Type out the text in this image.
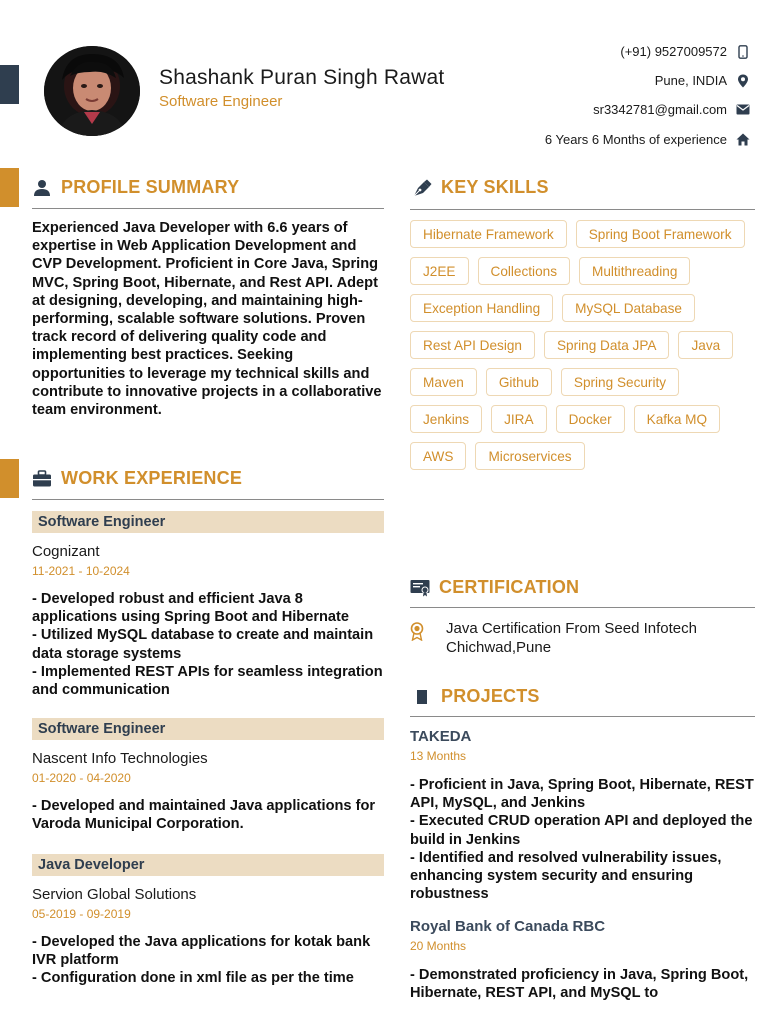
Shashank Puran Singh Rawat
Software Engineer
(+91) 9527009572
Pune, INDIA
sr3342781@gmail.com
6 Years 6 Months of experience
PROFILE SUMMARY
Experienced Java Developer with 6.6 years of expertise in Web Application Development and CVP Development. Proficient in Core Java, Spring MVC, Spring Boot, Hibernate, and Rest API. Adept at designing, developing, and maintaining high-performing, scalable software solutions. Proven track record of delivering quality code and implementing best practices. Seeking opportunities to leverage my technical skills and contribute to innovative projects in a collaborative team environment.
WORK EXPERIENCE
Software Engineer
Cognizant
11-2021 - 10-2024
- Developed robust and efficient Java 8 applications using Spring Boot and Hibernate
- Utilized MySQL database to create and maintain data storage systems
- Implemented REST APIs for seamless integration and communication
Software Engineer
Nascent Info Technologies
01-2020 - 04-2020
- Developed and maintained Java applications for Varoda Municipal Corporation.
Java Developer
Servion Global Solutions
05-2019 - 09-2019
- Developed the Java applications for kotak bank IVR platform
- Configuration done in xml file as per the time
KEY SKILLS
Hibernate Framework	Spring Boot Framework
J2EE	Collections	Multithreading
Exception Handling	MySQL Database
Rest API Design	Spring Data JPA	Java
Maven	Github	Spring Security
Jenkins	JIRA	Docker	Kafka MQ
AWS	Microservices
CERTIFICATION
Java Certification From Seed Infotech Chichwad,Pune
PROJECTS
TAKEDA
13 Months
- Proficient in Java, Spring Boot, Hibernate, REST API, MySQL, and Jenkins
- Executed CRUD operation API and deployed the build in Jenkins
- Identified and resolved vulnerability issues, enhancing system security and ensuring robustness
Royal Bank of Canada RBC
20 Months
- Demonstrated proficiency in Java, Spring Boot, Hibernate, REST API, and MySQL to
